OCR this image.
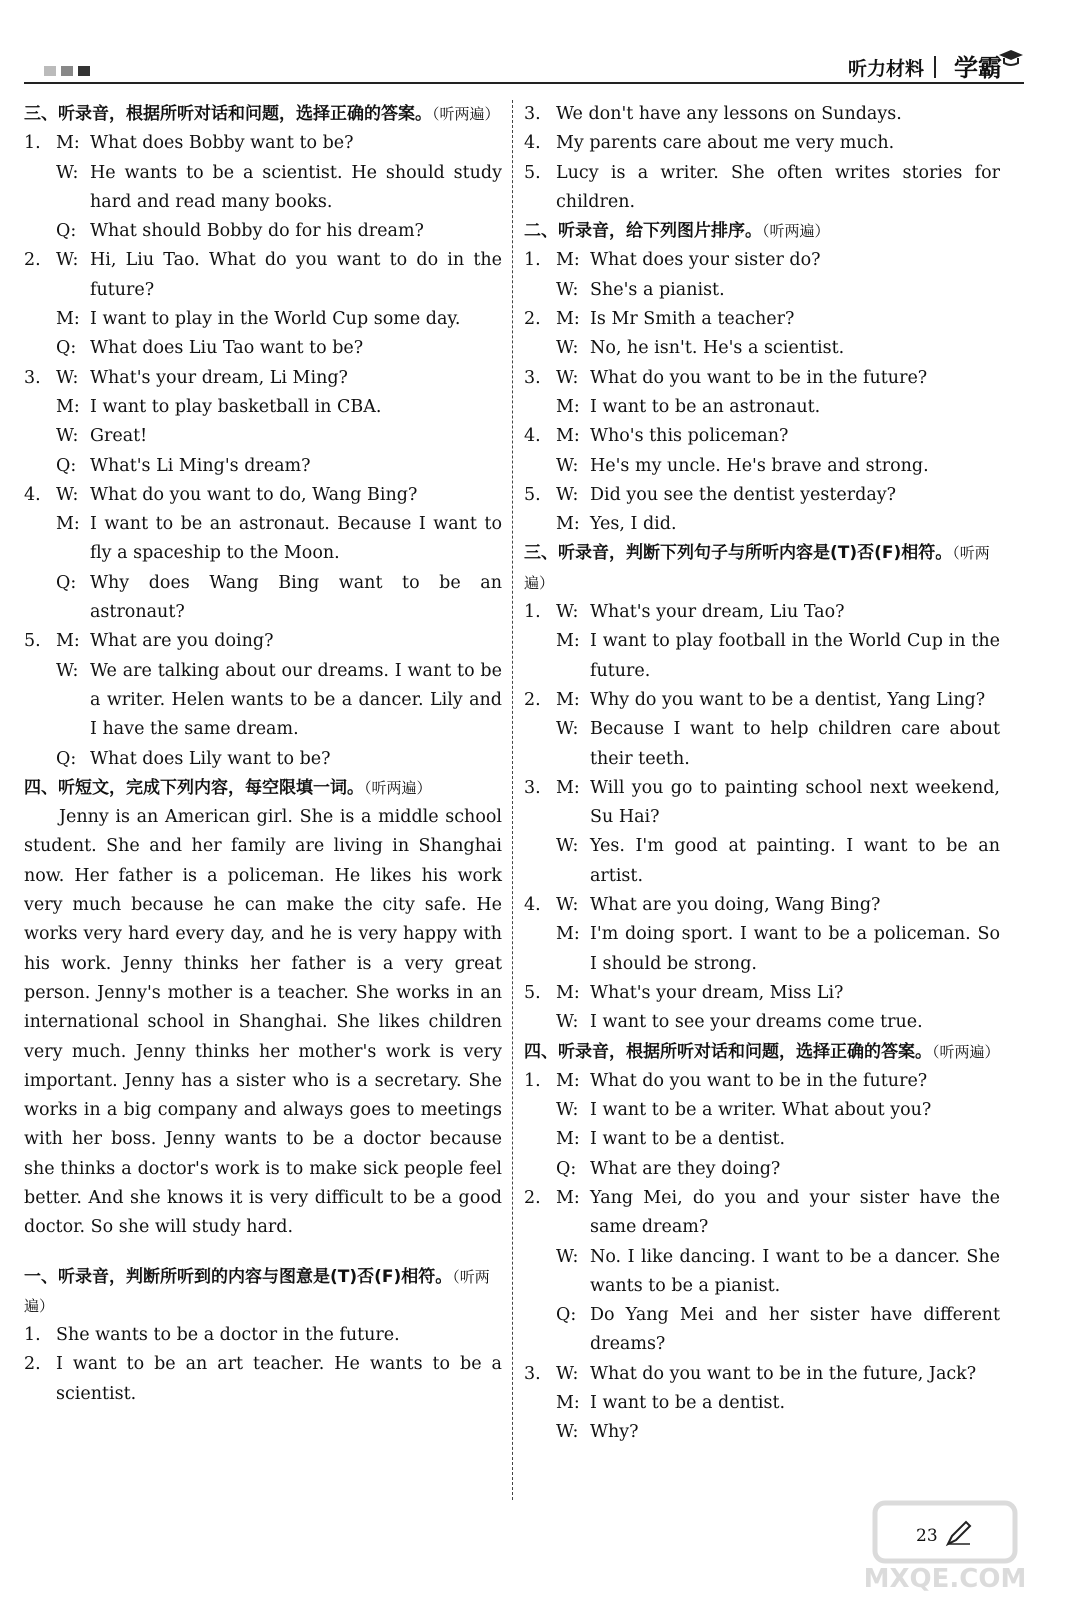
听力材料 学霸
三、听录音，根据所听对话和问题，选择正确的答案。（听两遍）
1. M: What does Bobby want to be?
W: He wants to be a scientist. He should study hard and read many books.
Q: What should Bobby do for his dream?
2. W: Hi, Liu Tao. What do you want to do in the future?
M: I want to play in the World Cup some day.
Q: What does Liu Tao want to be?
3. W: What's your dream, Li Ming?
M: I want to play basketball in CBA.
W: Great!
Q: What's Li Ming's dream?
4. W: What do you want to do, Wang Bing?
M: I want to be an astronaut. Because I want to fly a spaceship to the Moon.
Q: Why does Wang Bing want to be an astronaut?
5. M: What are you doing?
W: We are talking about our dreams. I want to be a writer. Helen wants to be a dancer. Lily and I have the same dream.
Q: What does Lily want to be?
四、听短文，完成下列内容，每空限填一词。（听两遍）
Jenny is an American girl. She is a middle school student. She and her family are living in Shanghai now. Her father is a policeman. He likes his work very much because he can make the city safe. He works very hard every day, and he is very happy with his work. Jenny thinks her father is a very great person. Jenny's mother is a teacher. She works in an international school in Shanghai. She likes children very much. Jenny thinks her mother's work is very important. Jenny has a sister who is a secretary. She works in a big company and always goes to meetings with her boss. Jenny wants to be a doctor because she thinks a doctor's work is to make sick people feel better. And she knows it is very difficult to be a good doctor. So she will study hard.
一、听录音，判断所听到的内容与图意是(T)否(F)相符。（听两遍）
1. She wants to be a doctor in the future.
2. I want to be an art teacher. He wants to be a scientist.
3. We don't have any lessons on Sundays.
4. My parents care about me very much.
5. Lucy is a writer. She often writes stories for children.
二、听录音，给下列图片排序。（听两遍）
1. M: What does your sister do?
W: She's a pianist.
2. M: Is Mr Smith a teacher?
W: No, he isn't. He's a scientist.
3. W: What do you want to be in the future?
M: I want to be an astronaut.
4. M: Who's this policeman?
W: He's my uncle. He's brave and strong.
5. W: Did you see the dentist yesterday?
M: Yes, I did.
三、听录音，判断下列句子与所听内容是(T)否(F)相符。（听两遍）
1. W: What's your dream, Liu Tao?
M: I want to play football in the World Cup in the future.
2. M: Why do you want to be a dentist, Yang Ling?
W: Because I want to help children care about their teeth.
3. M: Will you go to painting school next weekend, Su Hai?
W: Yes. I'm good at painting. I want to be an artist.
4. W: What are you doing, Wang Bing?
M: I'm doing sport. I want to be a policeman. So I should be strong.
5. M: What's your dream, Miss Li?
W: I want to see your dreams come true.
四、听录音，根据所听对话和问题，选择正确的答案。（听两遍）
1. M: What do you want to be in the future?
W: I want to be a writer. What about you?
M: I want to be a dentist.
Q: What are they doing?
2. M: Yang Mei, do you and your sister have the same dream?
W: No. I like dancing. I want to be a dancer. She wants to be a pianist.
Q: Do Yang Mei and her sister have different dreams?
3. W: What do you want to be in the future, Jack?
M: I want to be a dentist.
W: Why?
23
MXQE.COM
